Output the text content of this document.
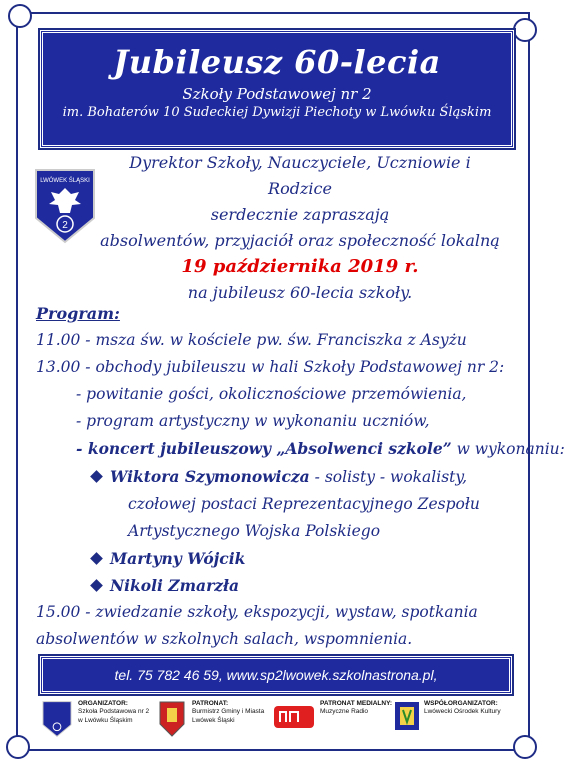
Jubileusz 60-lecia
Szkoły Podstawowej nr 2
im. Bohaterów 10 Sudeckiej Dywizji Piechoty w Lwówku Śląskim
LWÓWEK ŚLĄSKI
2
Dyrektor Szkoły, Nauczyciele, Uczniowie i Rodzice
serdecznie zapraszają
absolwentów, przyjaciół oraz społeczność lokalną
19 października 2019 r.
na jubileusz 60-lecia szkoły.
Program:
11.00 - msza św. w kościele pw. św. Franciszka z Asyżu
13.00 - obchody jubileuszu w hali Szkoły Podstawowej nr 2:
- powitanie gości, okolicznościowe przemówienia,
- program artystyczny w wykonaniu uczniów,
- koncert jubileuszowy „Absolwenci szkole” w wykonaniu:
Wiktora Szymonowicza - solisty - wokalisty,
czołowej postaci Reprezentacyjnego Zespołu
Artystycznego Wojska Polskiego
Martyny Wójcik
Nikoli Zmarzła
15.00 - zwiedzanie szkoły, ekspozycji, wystaw, spotkania
absolwentów w szkolnych salach, wspomnienia.
tel. 75 782 46 59, www.sp2lwowek.szkolnastrona.pl,
ORGANIZATOR:
Szkoła Podstawowa nr 2
w Lwówku Śląskim
PATRONAT:
Burmistrz Gminy i Miasta
Lwówek Śląski
PATRONAT MEDIALNY:
Muzyczne Radio
WSPÓŁORGANIZATOR:
Lwówecki Ośrodek Kultury
